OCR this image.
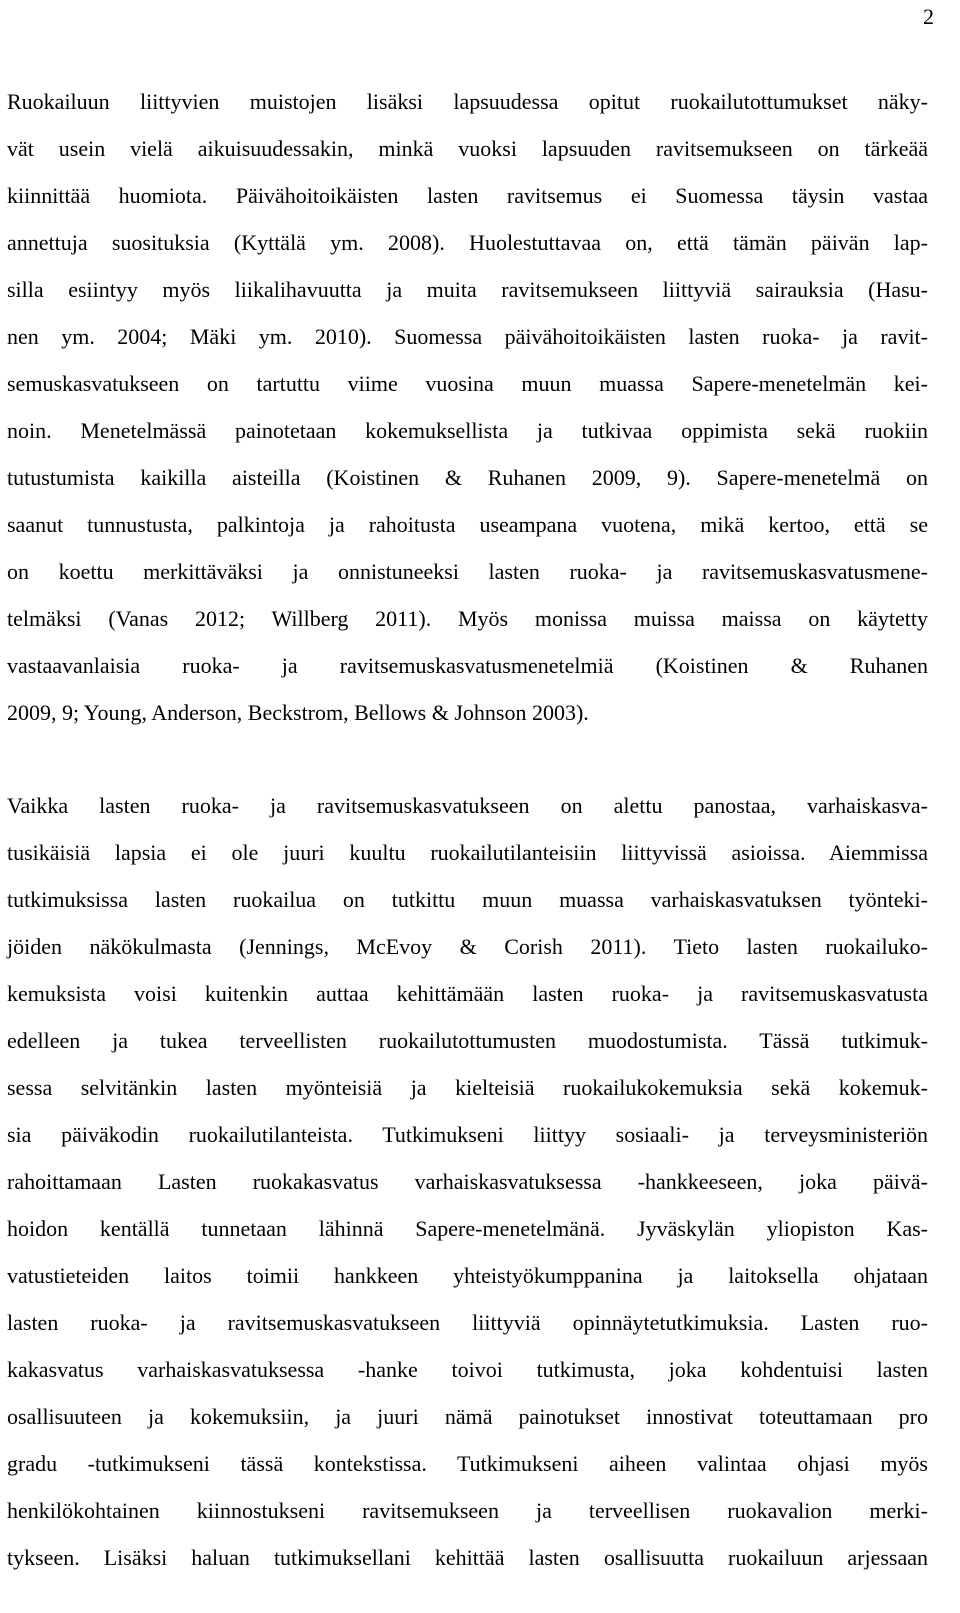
2
Ruokailuun liittyvien muistojen lisäksi lapsuudessa opitut ruokailutottumukset näky-
vät usein vielä aikuisuudessakin, minkä vuoksi lapsuuden ravitsemukseen on tärkeää
kiinnittää huomiota. Päivähoitoikäisten lasten ravitsemus ei Suomessa täysin vastaa
annettuja suosituksia (Kyttälä ym. 2008). Huolestuttavaa on, että tämän päivän lap-
silla esiintyy myös liikalihavuutta ja muita ravitsemukseen liittyviä sairauksia (Hasu-
nen ym. 2004; Mäki ym. 2010). Suomessa päivähoitoikäisten lasten ruoka- ja ravit-
semuskasvatukseen on tartuttu viime vuosina muun muassa Sapere-menetelmän kei-
noin. Menetelmässä painotetaan kokemuksellista ja tutkivaa oppimista sekä ruokiin
tutustumista kaikilla aisteilla (Koistinen & Ruhanen 2009, 9). Sapere-menetelmä on
saanut tunnustusta, palkintoja ja rahoitusta useampana vuotena, mikä kertoo, että se
on koettu merkittäväksi ja onnistuneeksi lasten ruoka- ja ravitsemuskasvatusmene-
telmäksi (Vanas 2012; Willberg 2011). Myös monissa muissa maissa on käytetty
vastaavanlaisia ruoka- ja ravitsemuskasvatusmenetelmiä (Koistinen & Ruhanen
2009, 9; Young, Anderson, Beckstrom, Bellows & Johnson 2003).
Vaikka lasten ruoka- ja ravitsemuskasvatukseen on alettu panostaa, varhaiskasva-
tusikäisiä lapsia ei ole juuri kuultu ruokailutilanteisiin liittyvissä asioissa. Aiemmissa
tutkimuksissa lasten ruokailua on tutkittu muun muassa varhaiskasvatuksen työnteki-
jöiden näkökulmasta (Jennings, McEvoy & Corish 2011). Tieto lasten ruokailuko-
kemuksista voisi kuitenkin auttaa kehittämään lasten ruoka- ja ravitsemuskasvatusta
edelleen ja tukea terveellisten ruokailutottumusten muodostumista. Tässä tutkimuk-
sessa selvitänkin lasten myönteisiä ja kielteisiä ruokailukokemuksia sekä kokemuk-
sia päiväkodin ruokailutilanteista. Tutkimukseni liittyy sosiaali- ja terveysministeriön
rahoittamaan Lasten ruokakasvatus varhaiskasvatuksessa -hankkeeseen, joka päivä-
hoidon kentällä tunnetaan lähinnä Sapere-menetelmänä. Jyväskylän yliopiston Kas-
vatustieteiden laitos toimii hankkeen yhteistyökumppanina ja laitoksella ohjataan
lasten ruoka- ja ravitsemuskasvatukseen liittyviä opinnäytetutkimuksia. Lasten ruo-
kakasvatus varhaiskasvatuksessa -hanke toivoi tutkimusta, joka kohdentuisi lasten
osallisuuteen ja kokemuksiin, ja juuri nämä painotukset innostivat toteuttamaan pro
gradu -tutkimukseni tässä kontekstissa. Tutkimukseni aiheen valintaa ohjasi myös
henkilökohtainen kiinnostukseni ravitsemukseen ja terveellisen ruokavalion merki-
tykseen. Lisäksi haluan tutkimuksellani kehittää lasten osallisuutta ruokailuun arjessaan
